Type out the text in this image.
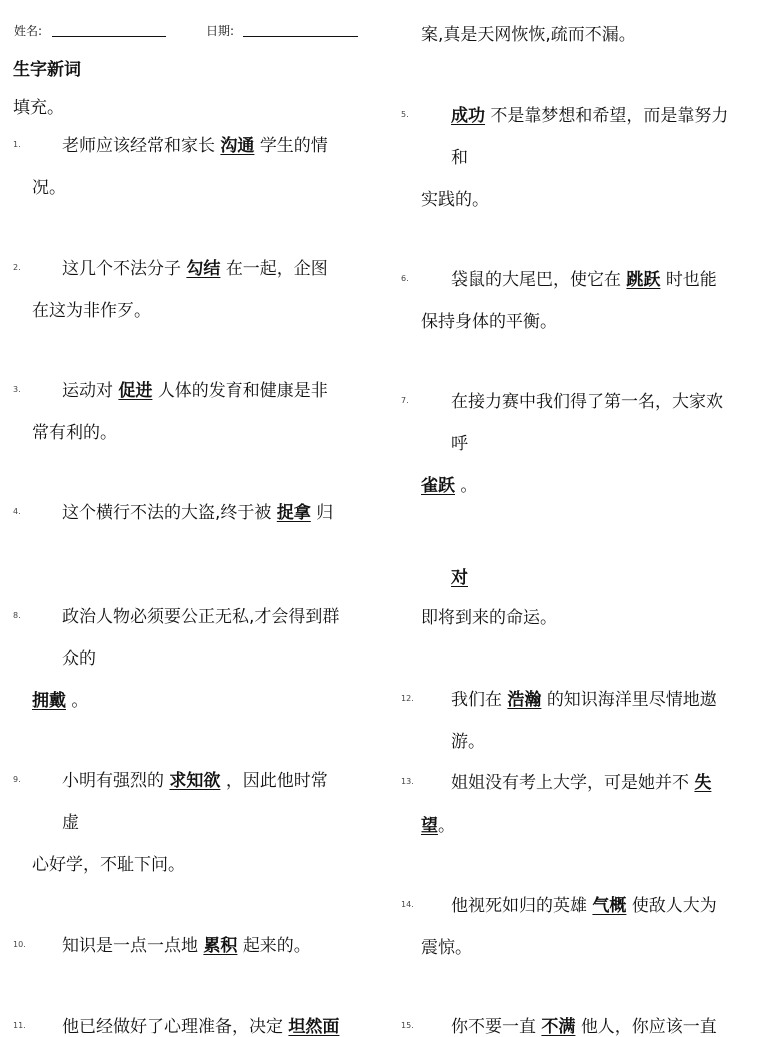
姓名:	日期:
生字新词
填充。
1. 老师应该经常和家长 沟通 学生的情
况。
2. 这几个不法分子 勾结 在一起，企图
在这为非作歹。
3. 运动对 促进 人体的发育和健康是非
常有利的。
4. 这个横行不法的大盗,终于被 捉拿 归
8. 政治人物必须要公正无私,才会得到群
众的
拥戴 。
9. 小明有强烈的 求知欲 ，因此他时常
虚
心好学，不耻下问。
10. 知识是一点一点地 累积 起来的。
11. 他已经做好了心理准备，决定 坦然面
案,真是天网恢恢,疏而不漏。
5. 成功 不是靠梦想和希望，而是靠努力
和
实践的。
6. 袋鼠的大尾巴，使它在 跳跃 时也能
保持身体的平衡。
7. 在接力赛中我们得了第一名，大家欢
呼
雀跃 。
对
即将到来的命运。
12. 我们在 浩瀚 的知识海洋里尽情地遨
游。
13. 姐姐没有考上大学，可是她并不 失
望。
14. 他视死如归的英雄 气概 使敌人大为
震惊。
15. 你不要一直 不满 他人，你应该一直
